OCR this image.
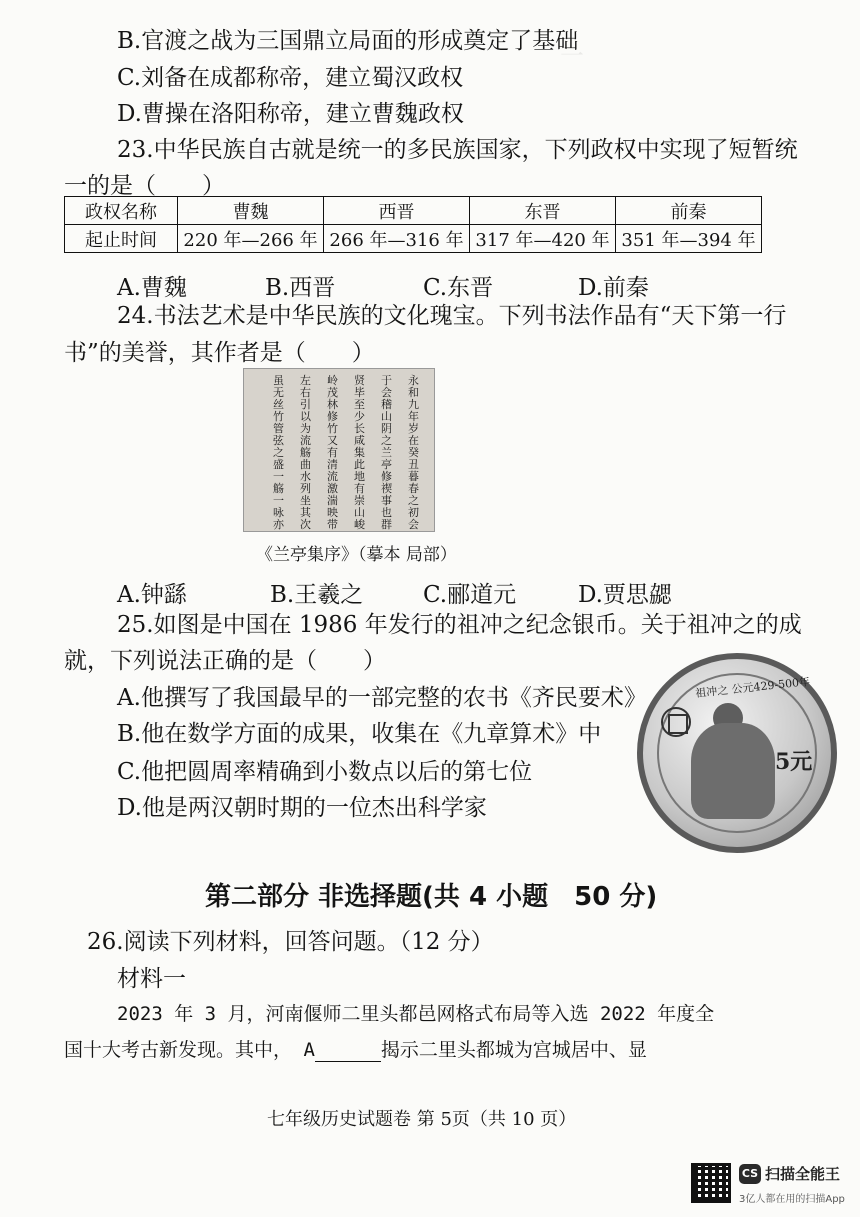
一 　　　　　 　
B.官渡之战为三国鼎立局面的形成奠定了基础
C.刘备在成都称帝，建立蜀汉政权
D.曹操在洛阳称帝，建立曹魏政权
23.中华民族自古就是统一的多民族国家，下列政权中实现了短暂统
一的是（　　）
政权名称	曹魏	西晋	东晋	前秦
起止时间	220 年—266 年	266 年—316 年	317 年—420 年	351 年—394 年
A.曹魏	B.西晋	C.东晋	D.前秦
24.书法艺术是中华民族的文化瑰宝。下列书法作品有“天下第一行
书”的美誉，其作者是（　　）
永和九年岁在癸丑暮春之初会
于会稽山阴之兰亭修禊事也群
贤毕至少长咸集此地有崇山峻
岭茂林修竹又有清流激湍映带
左右引以为流觞曲水列坐其次
虽无丝竹管弦之盛一觞一咏亦
《兰亭集序》（摹本 局部）
A.钟繇	B.王羲之	C.郦道元	D.贾思勰
25.如图是中国在 1986 年发行的祖冲之纪念银币。关于祖冲之的成
就，下列说法正确的是（　　）
A.他撰写了我国最早的一部完整的农书《齐民要术》
B.他在数学方面的成果，收集在《九章算术》中
C.他把圆周率精确到小数点以后的第七位
D.他是两汉朝时期的一位杰出科学家
祖冲之 公元429-500年
5元
第二部分 非选择题(共 4 小题　50 分)
26.阅读下列材料，回答问题。（12 分）
材料一
2023 年 3 月，河南偃师二里头都邑网格式布局等入选 2022 年度全
国十大考古新发现。其中， A	揭示二里头都城为宫城居中、显
七年级历史试题卷 第 5页（共 10 页）
CS 扫描全能王
3亿人都在用的扫描App
